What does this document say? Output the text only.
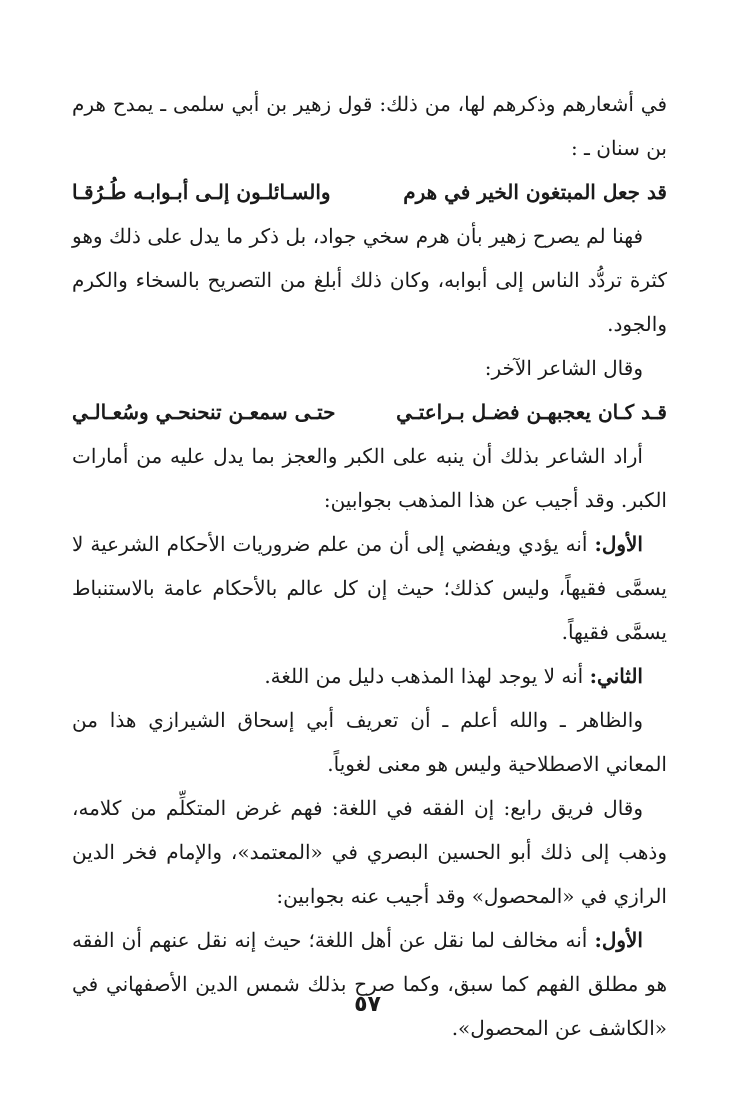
في أشعارهم وذكرهم لها، من ذلك: قول زهير بن أبي سلمى ـ يمدح هرم بن سنان ـ :

قد جعل المبتغون الخير في هرم
والسـائلـون إلـى أبـوابـه طُـرُقـا

فهنا لم يصرح زهير بأن هرم سخي جواد، بل ذكر ما يدل على ذلك وهو كثرة تردُّد الناس إلى أبوابه، وكان ذلك أبلغ من التصريح بالسخاء والكرم والجود.

وقال الشاعر الآخر:

قـد كـان يعجبهـن فضـل بـراعتـي
حتـى سمعـن تنحنحـي وسُعـالـي

أراد الشاعر بذلك أن ينبه على الكبر والعجز بما يدل عليه من أمارات الكبر. وقد أجيب عن هذا المذهب بجوابين:

الأول: أنه يؤدي ويفضي إلى أن من علم ضروريات الأحكام الشرعية لا يسمَّى فقيهاً، وليس كذلك؛ حيث إن كل عالم بالأحكام عامة بالاستنباط يسمَّى فقيهاً.

الثاني: أنه لا يوجد لهذا المذهب دليل من اللغة.

والظاهر ـ والله أعلم ـ أن تعريف أبي إسحاق الشيرازي هذا من المعاني الاصطلاحية وليس هو معنى لغوياً.

وقال فريق رابع: إن الفقه في اللغة: فهم غرض المتكلِّم من كلامه، وذهب إلى ذلك أبو الحسين البصري في «المعتمد»، والإمام فخر الدين الرازي في «المحصول» وقد أجيب عنه بجوابين:

الأول: أنه مخالف لما نقل عن أهل اللغة؛ حيث إنه نقل عنهم أن الفقه هو مطلق الفهم كما سبق، وكما صرح بذلك شمس الدين الأصفهاني في «الكاشف عن المحصول».

٥٧
